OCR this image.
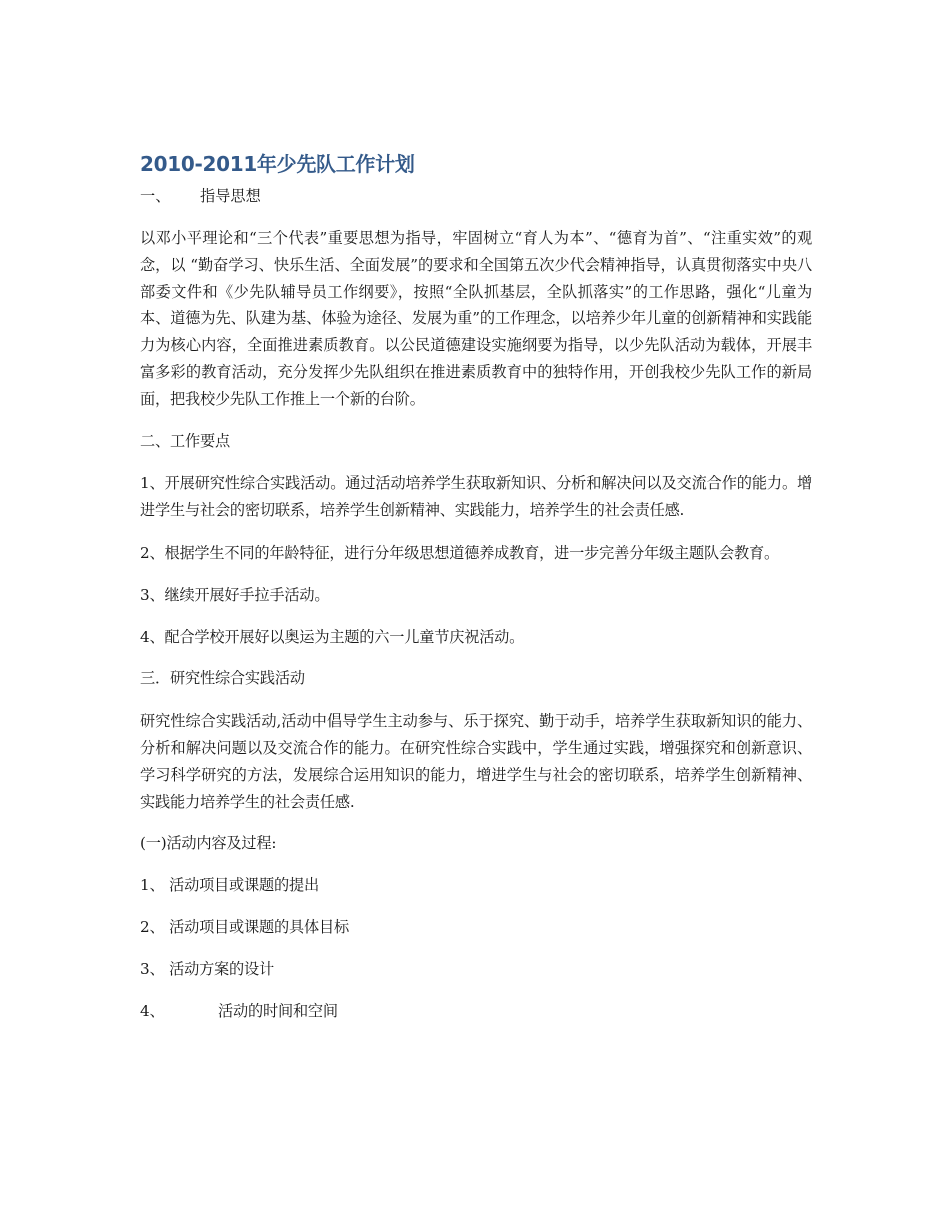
2010-2011年少先队工作计划

一、 指导思想

以邓小平理论和“三个代表”重要思想为指导，牢固树立“育人为本”、“德育为首”、“注重实效”的观念，以 “勤奋学习、快乐生活、全面发展”的要求和全国第五次少代会精神指导，认真贯彻落实中央八部委文件和《少先队辅导员工作纲要》，按照“全队抓基层，全队抓落实”的工作思路，强化“儿童为本、道德为先、队建为基、体验为途径、发展为重”的工作理念，以培养少年儿童的创新精神和实践能力为核心内容，全面推进素质教育。以公民道德建设实施纲要为指导，以少先队活动为载体，开展丰富多彩的教育活动，充分发挥少先队组织在推进素质教育中的独特作用，开创我校少先队工作的新局面，把我校少先队工作推上一个新的台阶。

二、工作要点

1、开展研究性综合实践活动。通过活动培养学生获取新知识、分析和解决问以及交流合作的能力。增进学生与社会的密切联系，培养学生创新精神、实践能力，培养学生的社会责任感.

2、根据学生不同的年龄特征，进行分年级思想道德养成教育，进一步完善分年级主题队会教育。

3、继续开展好手拉手活动。

4、配合学校开展好以奥运为主题的六一儿童节庆祝活动。

三．研究性综合实践活动

研究性综合实践活动,活动中倡导学生主动参与、乐于探究、勤于动手，培养学生获取新知识的能力、分析和解决问题以及交流合作的能力。在研究性综合实践中，学生通过实践，增强探究和创新意识、学习科学研究的方法，发展综合运用知识的能力，增进学生与社会的密切联系，培养学生创新精神、实践能力培养学生的社会责任感.

(一)活动内容及过程:

1、 活动项目或课题的提出

2、 活动项目或课题的具体目标

3、 活动方案的设计

4、	活动的时间和空间
